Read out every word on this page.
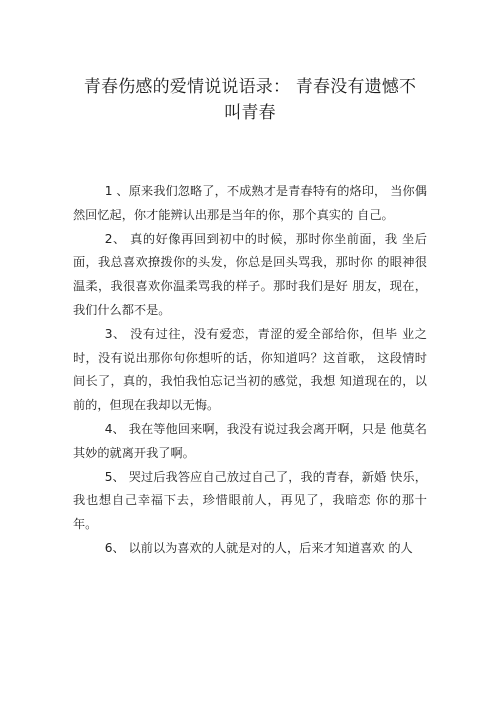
青春伤感的爱情说说语录： 青春没有遗憾不
叫青春

1 、原来我们忽略了，不成熟才是青春特有的烙印， 当你偶然回忆起，你才能辨认出那是当年的你，那个真实的 自己。

2、 真的好像再回到初中的时候，那时你坐前面，我 坐后面，我总喜欢撩拨你的头发，你总是回头骂我，那时你 的眼神很温柔，我很喜欢你温柔骂我的样子。那时我们是好 朋友，现在，我们什么都不是。

3、 没有过往，没有爱恋，青涩的爱全部给你，但毕 业之时，没有说出那你句你想听的话，你知道吗？这首歌， 这段情时间长了，真的，我怕我怕忘记当初的感觉，我想 知道现在的，以前的，但现在我却以无悔。

4、 我在等他回来啊，我没有说过我会离开啊，只是 他莫名其妙的就离开我了啊。

5、 哭过后我答应自己放过自己了，我的青春，新婚 快乐，我也想自己幸福下去，珍惜眼前人，再见了，我暗恋 你的那十年。

6、 以前以为喜欢的人就是对的人，后来才知道喜欢 的人
